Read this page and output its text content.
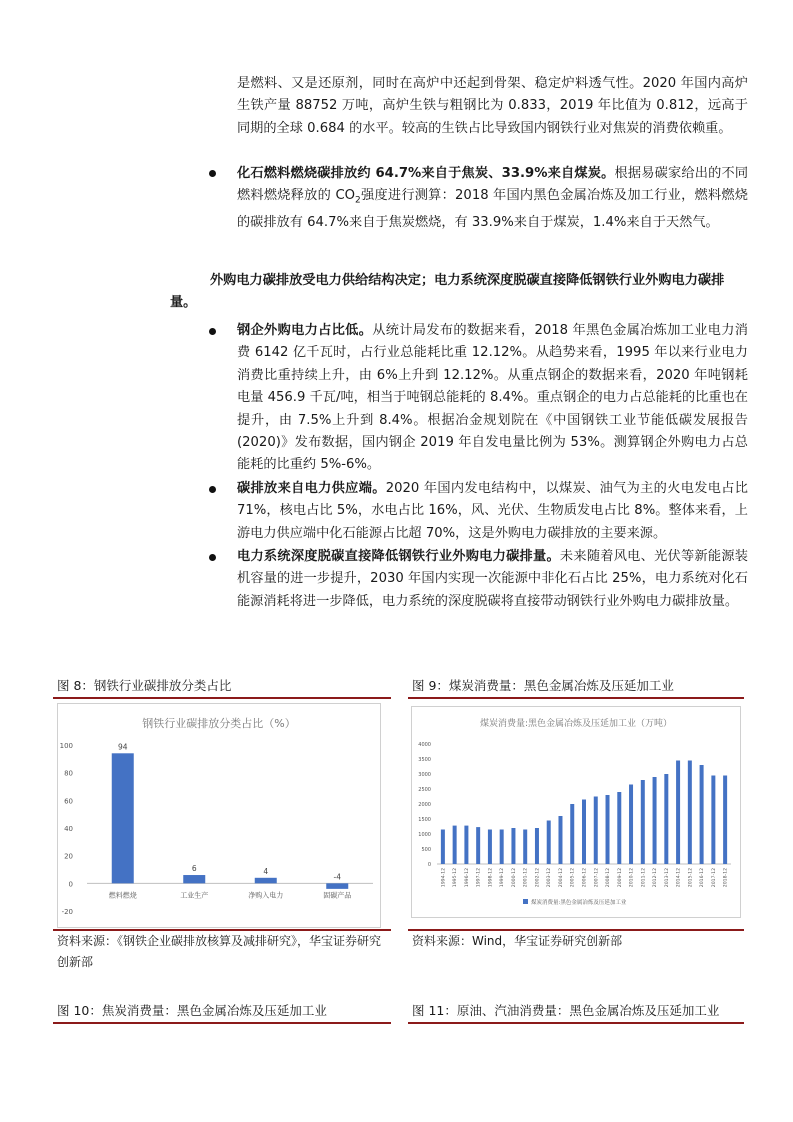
是燃料、又是还原剂，同时在高炉中还起到骨架、稳定炉料透气性。2020 年国内高炉生铁产量 88752 万吨，高炉生铁与粗钢比为 0.833，2019 年比值为 0.812，远高于同期的全球 0.684 的水平。较高的生铁占比导致国内钢铁行业对焦炭的消费依赖重。
化石燃料燃烧碳排放约 64.7%来自于焦炭、33.9%来自煤炭。根据易碳家给出的不同燃料燃烧释放的 $CO_2$强度进行测算：2018 年国内黑色金属冶炼及加工行业，燃料燃烧的碳排放有 64.7%来自于焦炭燃烧，有 33.9%来自于煤炭，1.4%来自于天然气。
外购电力碳排放受电力供给结构决定；电力系统深度脱碳直接降低钢铁行业外购电力碳排量。
钢企外购电力占比低。从统计局发布的数据来看，2018 年黑色金属冶炼加工业电力消费 6142 亿千瓦时，占行业总能耗比重 12.12%。从趋势来看，1995 年以来行业电力消费比重持续上升，由 6%上升到 12.12%。从重点钢企的数据来看，2020 年吨钢耗电量 456.9 千瓦/吨，相当于吨钢总能耗的 8.4%。重点钢企的电力占总能耗的比重也在提升，由 7.5%上升到 8.4%。根据冶金规划院在《中国钢铁工业节能低碳发展报告(2020)》发布数据，国内钢企 2019 年自发电量比例为 53%。测算钢企外购电力占总能耗的比重约 5%-6%。
碳排放来自电力供应端。2020 年国内发电结构中，以煤炭、油气为主的火电发电占比 71%，核电占比 5%，水电占比 16%，风、光伏、生物质发电占比 8%。整体来看，上游电力供应端中化石能源占比超 70%，这是外购电力碳排放的主要来源。
电力系统深度脱碳直接降低钢铁行业外购电力碳排量。未来随着风电、光伏等新能源装机容量的进一步提升，2030 年国内实现一次能源中非化石占比 25%，电力系统对化石能源消耗将进一步降低，电力系统的深度脱碳将直接带动钢铁行业外购电力碳排放量。
图 8：钢铁行业碳排放分类占比
钢铁行业碳排放分类占比（%）
100
80
60
40
20
0
-20
94
燃料燃烧
6
工业生产
4
净购入电力
-4
固碳产品
资料来源：《钢铁企业碳排放核算及减排研究》，华宝证券研究创新部
图 9：煤炭消费量：黑色金属冶炼及压延加工业
煤炭消费量:黑色金属冶炼及压延加工业（万吨）
4000
3500
3000
2500
2000
1500
1000
500
0
1994-12 1995-12 1996-12 1997-12 1998-12 1999-12 2000-12 2001-12 2002-12 2003-12 2004-12 2005-12 2006-12 2007-12 2008-12 2009-12 2010-12 2011-12 2012-12 2013-12 2014-12 2015-12 2016-12 2017-12 2018-12
煤炭消费量:黑色金属冶炼及压延加工业
资料来源：Wind，华宝证券研究创新部
图 10：焦炭消费量：黑色金属冶炼及压延加工业	图 11：原油、汽油消费量：黑色金属冶炼及压延加工业
